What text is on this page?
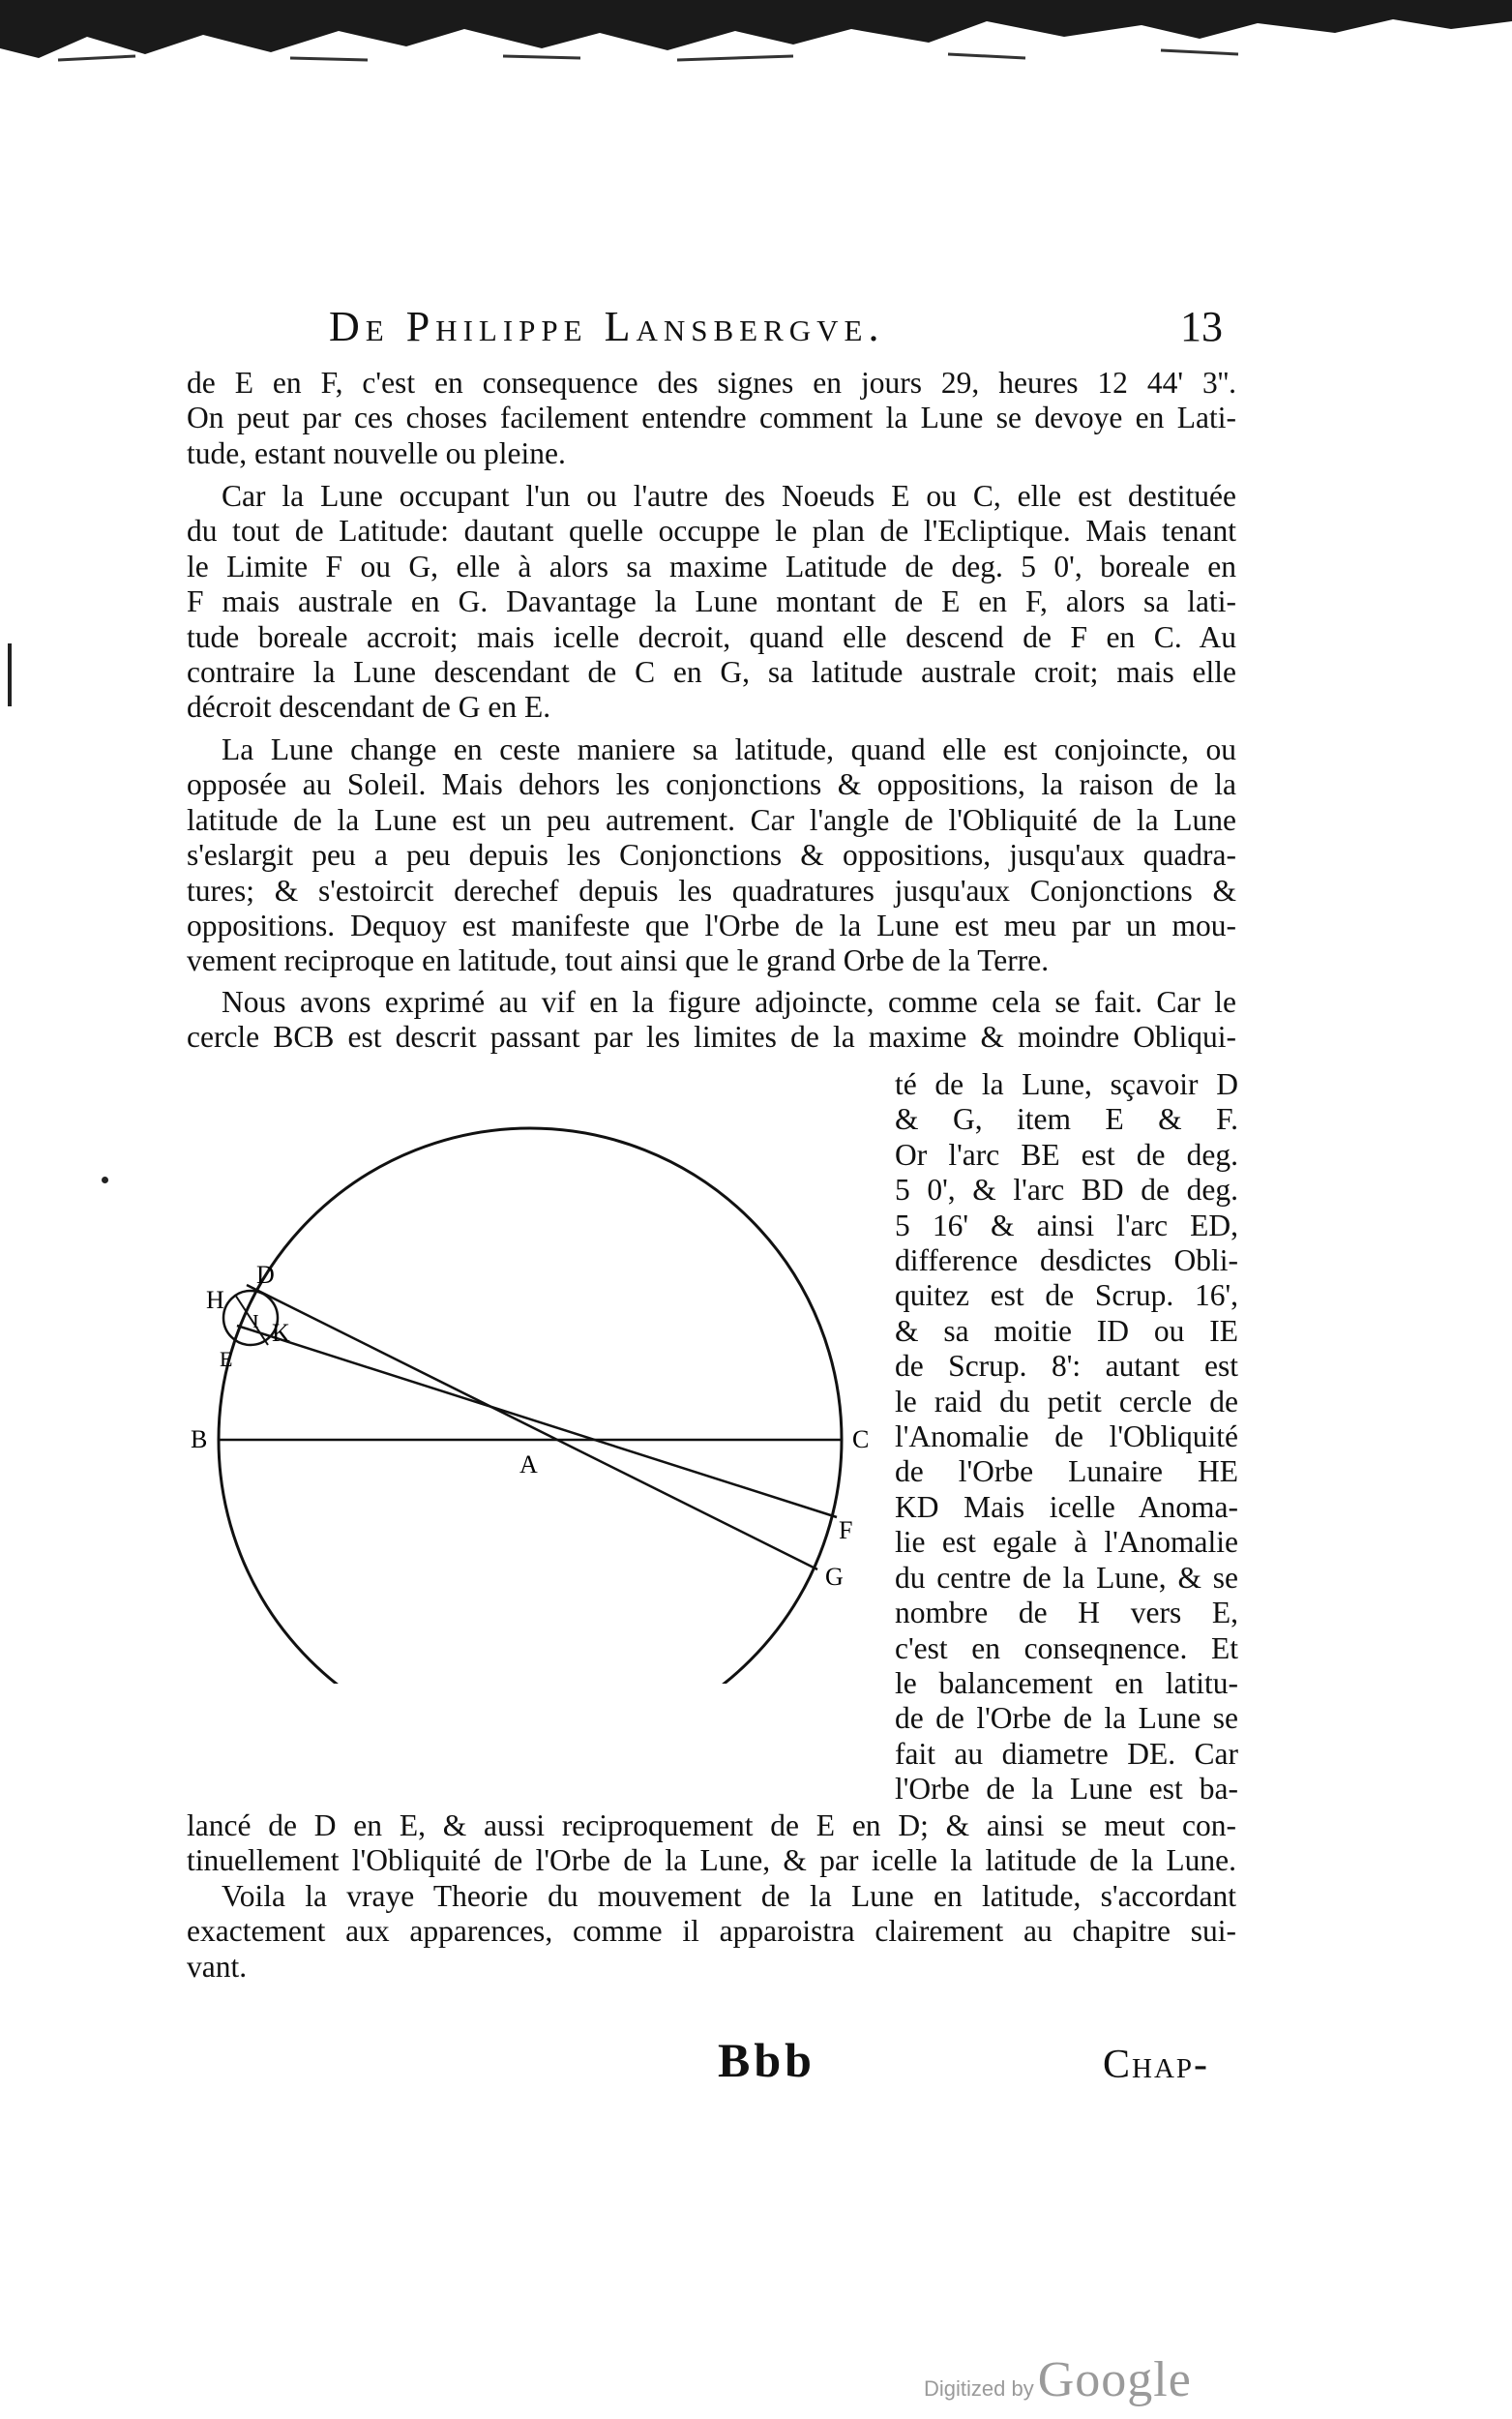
De Philippe Lansbergve.	13
de E en F, c'est en consequence des signes en jours 29, heures 12 44' 3''.
On peut par ces choses facilement entendre comment la Lune se devoye en Lati-
tude, estant nouvelle ou pleine.
Car la Lune occupant l'un ou l'autre des Noeuds E ou C, elle est destituée
du tout de Latitude: dautant quelle occuppe le plan de l'Ecliptique. Mais tenant
le Limite F ou G, elle à alors sa maxime Latitude de deg. 5 0', boreale en
F mais australe en G. Davantage la Lune montant de E en F, alors sa lati-
tude boreale accroit; mais icelle decroit, quand elle descend de F en C. Au
contraire la Lune descendant de C en G, sa latitude australe croit; mais elle
décroit descendant de G en E.
La Lune change en ceste maniere sa latitude, quand elle est conjoincte, ou
opposée au Soleil. Mais dehors les conjonctions & oppositions, la raison de la
latitude de la Lune est un peu autrement. Car l'angle de l'Obliquité de la Lune
s'eslargit peu a peu depuis les Conjonctions & oppositions, jusqu'aux quadra-
tures; & s'estoircit derechef depuis les quadratures jusqu'aux Conjonctions &
oppositions. Dequoy est manifeste que l'Orbe de la Lune est meu par un mou-
vement reciproque en latitude, tout ainsi que le grand Orbe de la Terre.
Nous avons exprimé au vif en la figure adjoincte, comme cela se fait. Car le
cercle BCB est descrit passant par les limites de la maxime & moindre Obliqui-
té de la Lune, sçavoir D
& G, item E & F.
Or l'arc BE est de deg.
5 0', & l'arc BD de deg.
5 16' & ainsi l'arc ED,
difference desdictes Obli-
quitez est de Scrup. 16',
& sa moitie ID ou IE
de Scrup. 8': autant est
le raid du petit cercle de
l'Anomalie de l'Obliquité
de l'Orbe Lunaire HE
KD Mais icelle Anoma-
lie est egale à l'Anomalie
du centre de la Lune, & se
nombre de H vers E,
c'est en conseqnence. Et
le balancement en latitu-
de de l'Orbe de la Lune se
fait au diametre DE. Car
l'Orbe de la Lune est ba-
B	C
A
F
G
D
H
K
I
E
lancé de D en E, & aussi reciproquement de E en D; & ainsi se meut con-
tinuellement l'Obliquité de l'Orbe de la Lune, & par icelle la latitude de la Lune.
Voila la vraye Theorie du mouvement de la Lune en latitude, s'accordant
exactement aux apparences, comme il apparoistra clairement au chapitre sui-
vant.
Bbb	Chap-
Digitized by Google
